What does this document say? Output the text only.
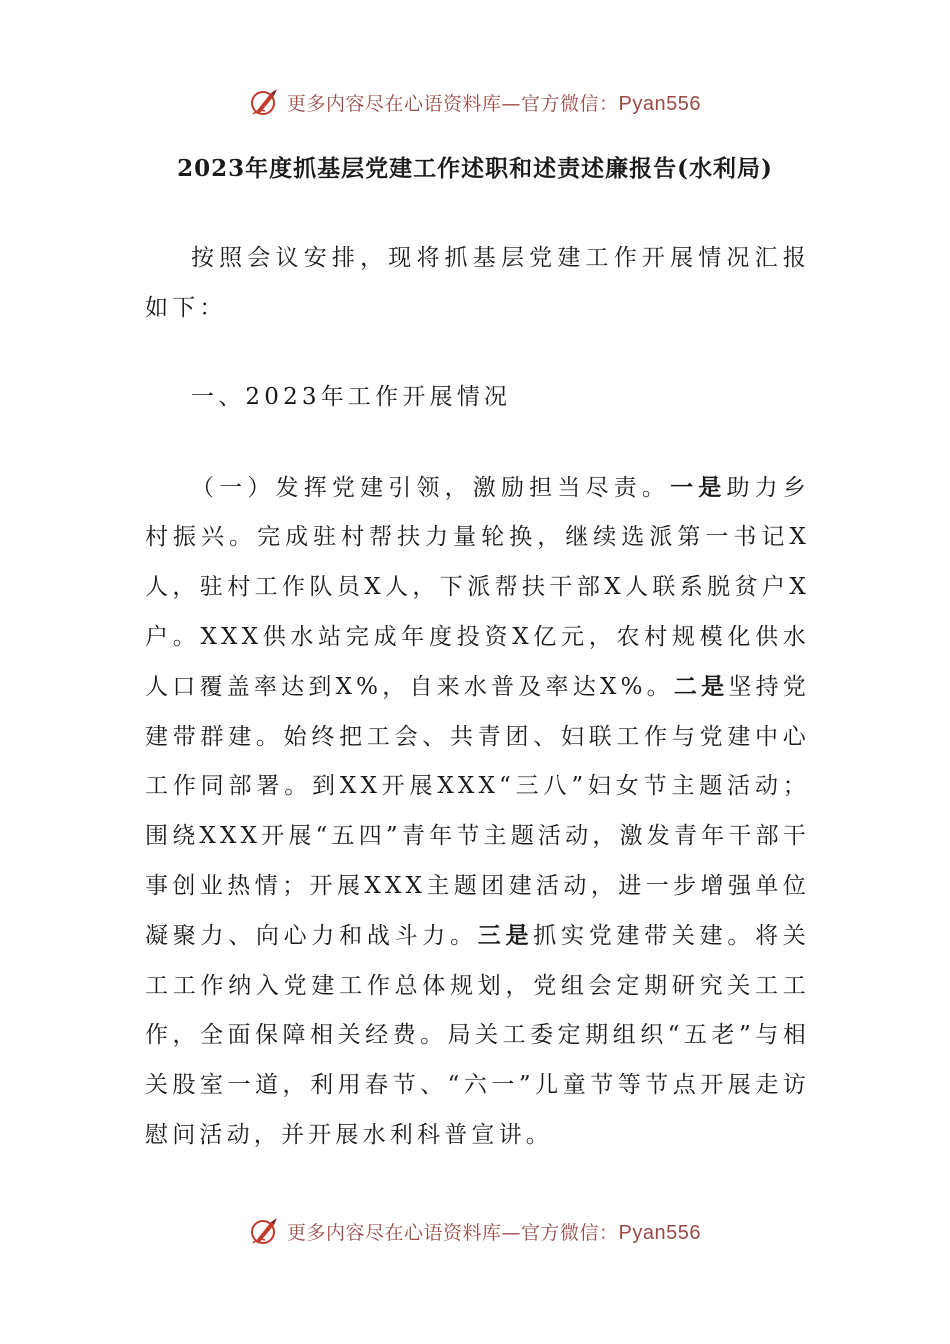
更多内容尽在心语资料库—官方微信：Pyan556
2023年度抓基层党建工作述职和述责述廉报告(水利局)

按照会议安排，现将抓基层党建工作开展情况汇报如下：

一、2023年工作开展情况

（一）发挥党建引领，激励担当尽责。一是助力乡村振兴。完成驻村帮扶力量轮换，继续选派第一书记X人，驻村工作队员X人，下派帮扶干部X人联系脱贫户X户。XXX供水站完成年度投资X亿元，农村规模化供水人口覆盖率达到X%，自来水普及率达X%。二是坚持党建带群建。始终把工会、共青团、妇联工作与党建中心工作同部署。到XX开展XXX“三八”妇女节主题活动；围绕XXX开展“五四”青年节主题活动，激发青年干部干事创业热情；开展XXX主题团建活动，进一步增强单位凝聚力、向心力和战斗力。三是抓实党建带关建。将关工工作纳入党建工作总体规划，党组会定期研究关工工作，全面保障相关经费。局关工委定期组织“五老”与相关股室一道，利用春节、“六一”儿童节等节点开展走访慰问活动，并开展水利科普宣讲。

更多内容尽在心语资料库—官方微信：Pyan556
